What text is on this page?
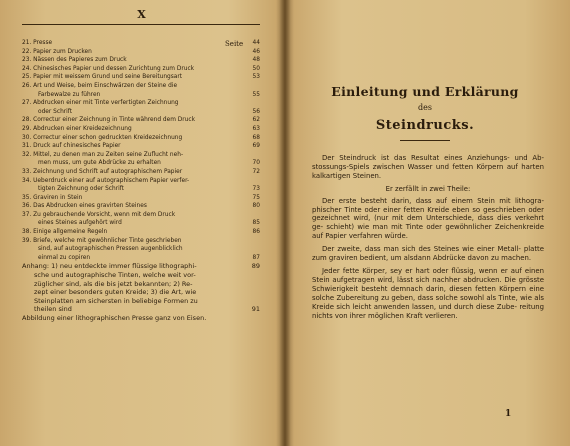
X
Seite
21. Presse	44
22. Papier zum Drucken	46
23. Nässen des Papieres zum Druck	48
24. Chinesisches Papier und dessen Zurichtung zum Druck	50
25. Papier mit weissem Grund und seine Bereitungsart	53
26. Art und Weise, beim Einschwärzen der Steine die
Farbewalze zu führen	55
27. Abdrucken einer mit Tinte verfertigten Zeichnung
oder Schrift	56
28. Correctur einer Zeichnung in Tinte während dem Druck	62
29. Abdrucken einer Kreidezeichnung	63
30. Correctur einer schon gedruckten Kreidezeichnung	68
31. Druck auf chinesisches Papier	69
32. Mittel, zu denen man zu Zeiten seine Zuflucht neh-
men muss, um gute Abdrücke zu erhalten	70
33. Zeichnung und Schrift auf autographischem Papier	72
34. Ueberdruck einer auf autographischem Papier verfer-
tigten Zeichnung oder Schrift	73
35. Graviren in Stein	75
36. Das Abdrucken eines gravirten Steines	80
37. Zu gebrauchende Vorsicht, wenn mit dem Druck
eines Steines aufgehört wird	85
38. Einige allgemeine Regeln	86
39. Briefe, welche mit gewöhnlicher Tinte geschrieben
sind, auf autographischen Pressen augenblicklich
einmal zu copiren	87
Anhang: 1) neu entdeckte immer flüssige lithographi-	89
sche und autographische Tinten, welche weit vor-
züglicher sind, als die bis jetzt bekannten; 2) Re-
zept einer besonders guten Kreide; 3) die Art, wie
Steinplatten am sichersten in beliebige Formen zu
theilen sind	91
Abbildung einer lithographischen Presse ganz von Eisen.
Einleitung und Erklärung
des
Steindrucks.

Der Steindruck ist das Resultat eines Anziehungs- und Ab- stossungs-Spiels zwischen Wasser und fetten Körpern auf harten kalkartigen Steinen.

Er zerfällt in zwei Theile:

Der erste besteht darin, dass auf einem Stein mit lithogra- phischer Tinte oder einer fetten Kreide eben so geschrieben oder gezeichnet wird, (nur mit dem Unterschiede, dass dies verkehrt ge- schieht) wie man mit Tinte oder gewöhnlicher Zeichenkreide auf Papier verfahren würde.

Der zweite, dass man sich des Steines wie einer Metall- platte zum graviren bedient, um alsdann Abdrücke davon zu machen.

Jeder fette Körper, sey er hart oder flüssig, wenn er auf einen Stein aufgetragen wird, lässt sich nachher abdrucken. Die grösste Schwierigkeit besteht demnach darin, diesen fetten Körpern eine solche Zubereitung zu geben, dass solche sowohl als Tinte, wie als Kreide sich leicht anwenden lassen, und durch diese Zube- reitung nichts von ihrer möglichen Kraft verlieren.

1
